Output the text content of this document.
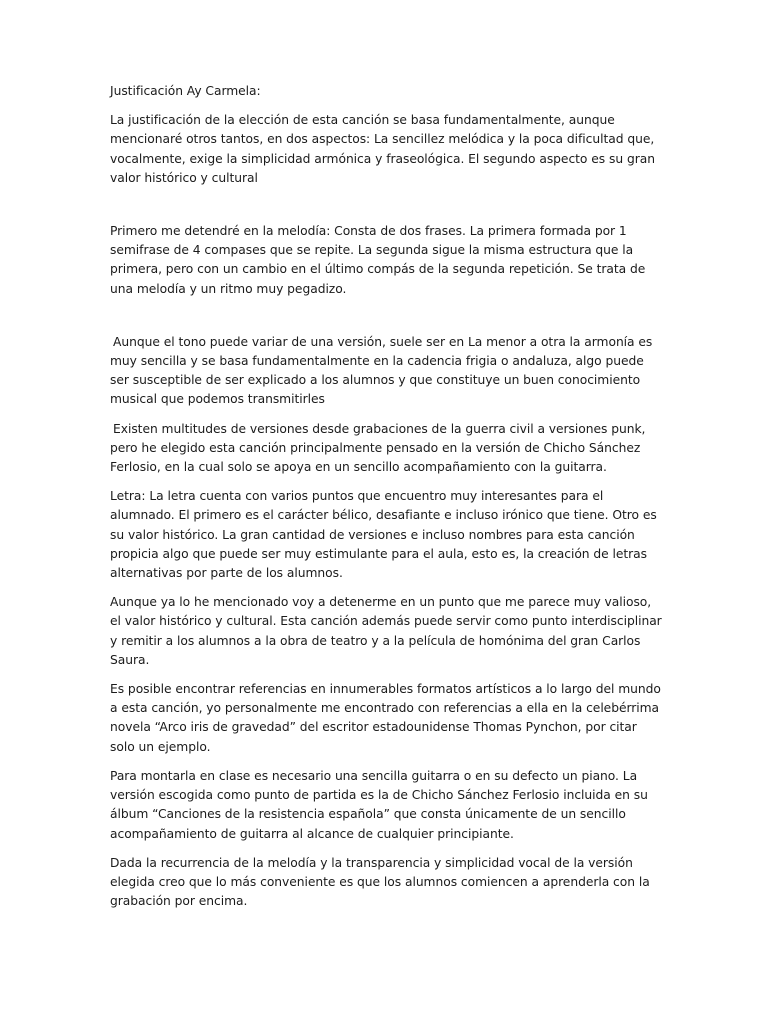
Justificación Ay Carmela:

La justificación de la elección de esta canción se basa fundamentalmente, aunque mencionaré otros tantos, en dos aspectos: La sencillez melódica y la poca dificultad que, vocalmente, exige la simplicidad armónica y fraseológica. El segundo aspecto es su gran valor histórico y cultural

Primero me detendré en la melodía: Consta de dos frases. La primera formada por 1 semifrase de 4 compases que se repite. La segunda sigue la misma estructura que la primera, pero con un cambio en el último compás de la segunda repetición. Se trata de una melodía y un ritmo muy pegadizo.

Aunque el tono puede variar de una versión, suele ser en La menor a otra la armonía es muy sencilla y se basa fundamentalmente en la cadencia frigia o andaluza, algo puede ser susceptible de ser explicado a los alumnos y que constituye un buen conocimiento musical que podemos transmitirles

Existen multitudes de versiones desde grabaciones de la guerra civil a versiones punk, pero he elegido esta canción principalmente pensado en la versión de Chicho Sánchez Ferlosio, en la cual solo se apoya en un sencillo acompañamiento con la guitarra.

Letra: La letra cuenta con varios puntos que encuentro muy interesantes para el alumnado. El primero es el carácter bélico, desafiante e incluso irónico que tiene. Otro es su valor histórico. La gran cantidad de versiones e incluso nombres para esta canción propicia algo que puede ser muy estimulante para el aula, esto es, la creación de letras alternativas por parte de los alumnos.

Aunque ya lo he mencionado voy a detenerme en un punto que me parece muy valioso, el valor histórico y cultural. Esta canción además puede servir como punto interdisciplinar y remitir a los alumnos a la obra de teatro y a la película de homónima del gran Carlos Saura.

Es posible encontrar referencias en innumerables formatos artísticos a lo largo del mundo a esta canción, yo personalmente me encontrado con referencias a ella en la celebérrima novela “Arco iris de gravedad” del escritor estadounidense Thomas Pynchon, por citar solo un ejemplo.

Para montarla en clase es necesario una sencilla guitarra o en su defecto un piano. La versión escogida como punto de partida es la de Chicho Sánchez Ferlosio incluida en su álbum “Canciones de la resistencia española” que consta únicamente de un sencillo acompañamiento de guitarra al alcance de cualquier principiante.

Dada la recurrencia de la melodía y la transparencia y simplicidad vocal de la versión elegida creo que lo más conveniente es que los alumnos comiencen a aprenderla con la grabación por encima.
